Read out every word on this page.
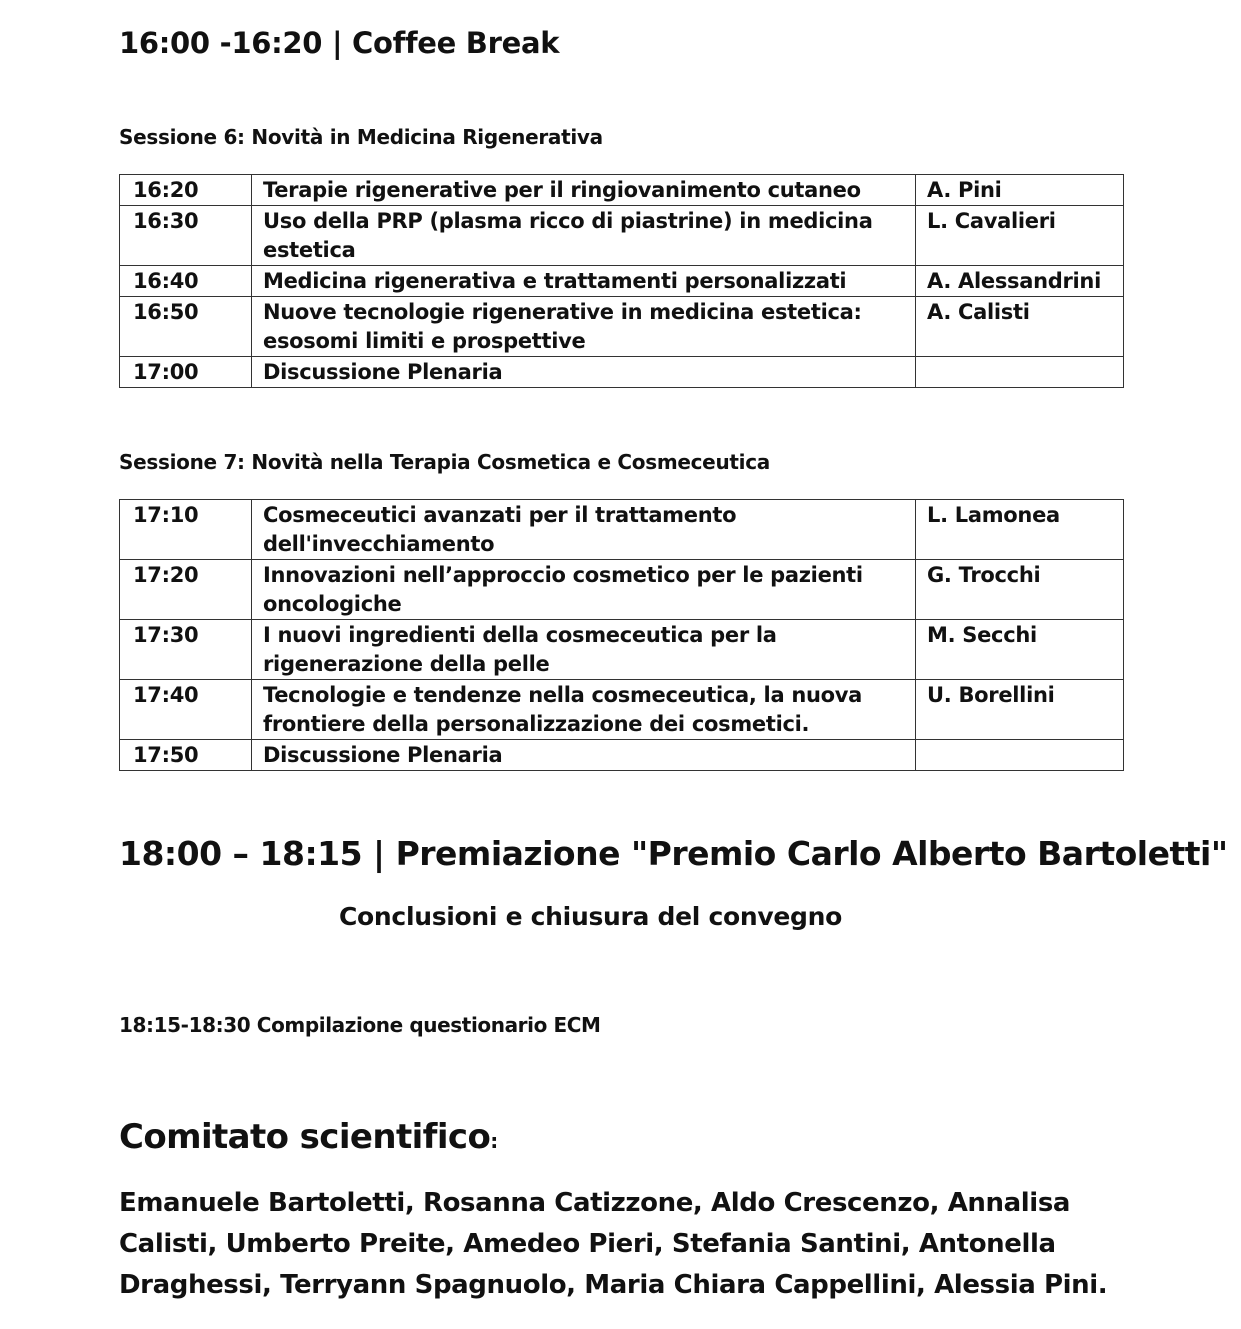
16:00 -16:20 | Coffee Break
Sessione 6: Novità in Medicina Rigenerativa
16:20	Terapie rigenerative per il ringiovanimento cutaneo	A. Pini
16:30	Uso della PRP (plasma ricco di piastrine) in medicina estetica	L. Cavalieri
16:40	Medicina rigenerativa e trattamenti personalizzati	A. Alessandrini
16:50	Nuove tecnologie rigenerative in medicina estetica: esosomi limiti e prospettive	A. Calisti
17:00	Discussione Plenaria	
Sessione 7: Novità nella Terapia Cosmetica e Cosmeceutica
17:10	Cosmeceutici avanzati per il trattamento dell'invecchiamento	L. Lamonea
17:20	Innovazioni nell’approccio cosmetico per le pazienti oncologiche	G. Trocchi
17:30	I nuovi ingredienti della cosmeceutica per la rigenerazione della pelle	M. Secchi
17:40	Tecnologie e tendenze nella cosmeceutica, la nuova frontiere della personalizzazione dei cosmetici.	U. Borellini
17:50	Discussione Plenaria	
18:00 – 18:15 | Premiazione "Premio Carlo Alberto Bartoletti"
Conclusioni e chiusura del convegno
18:15-18:30 Compilazione questionario ECM
Comitato scientifico:
Emanuele Bartoletti, Rosanna Catizzone, Aldo Crescenzo, Annalisa Calisti, Umberto Preite, Amedeo Pieri, Stefania Santini, Antonella Draghessi, Terryann Spagnuolo, Maria Chiara Cappellini, Alessia Pini.
